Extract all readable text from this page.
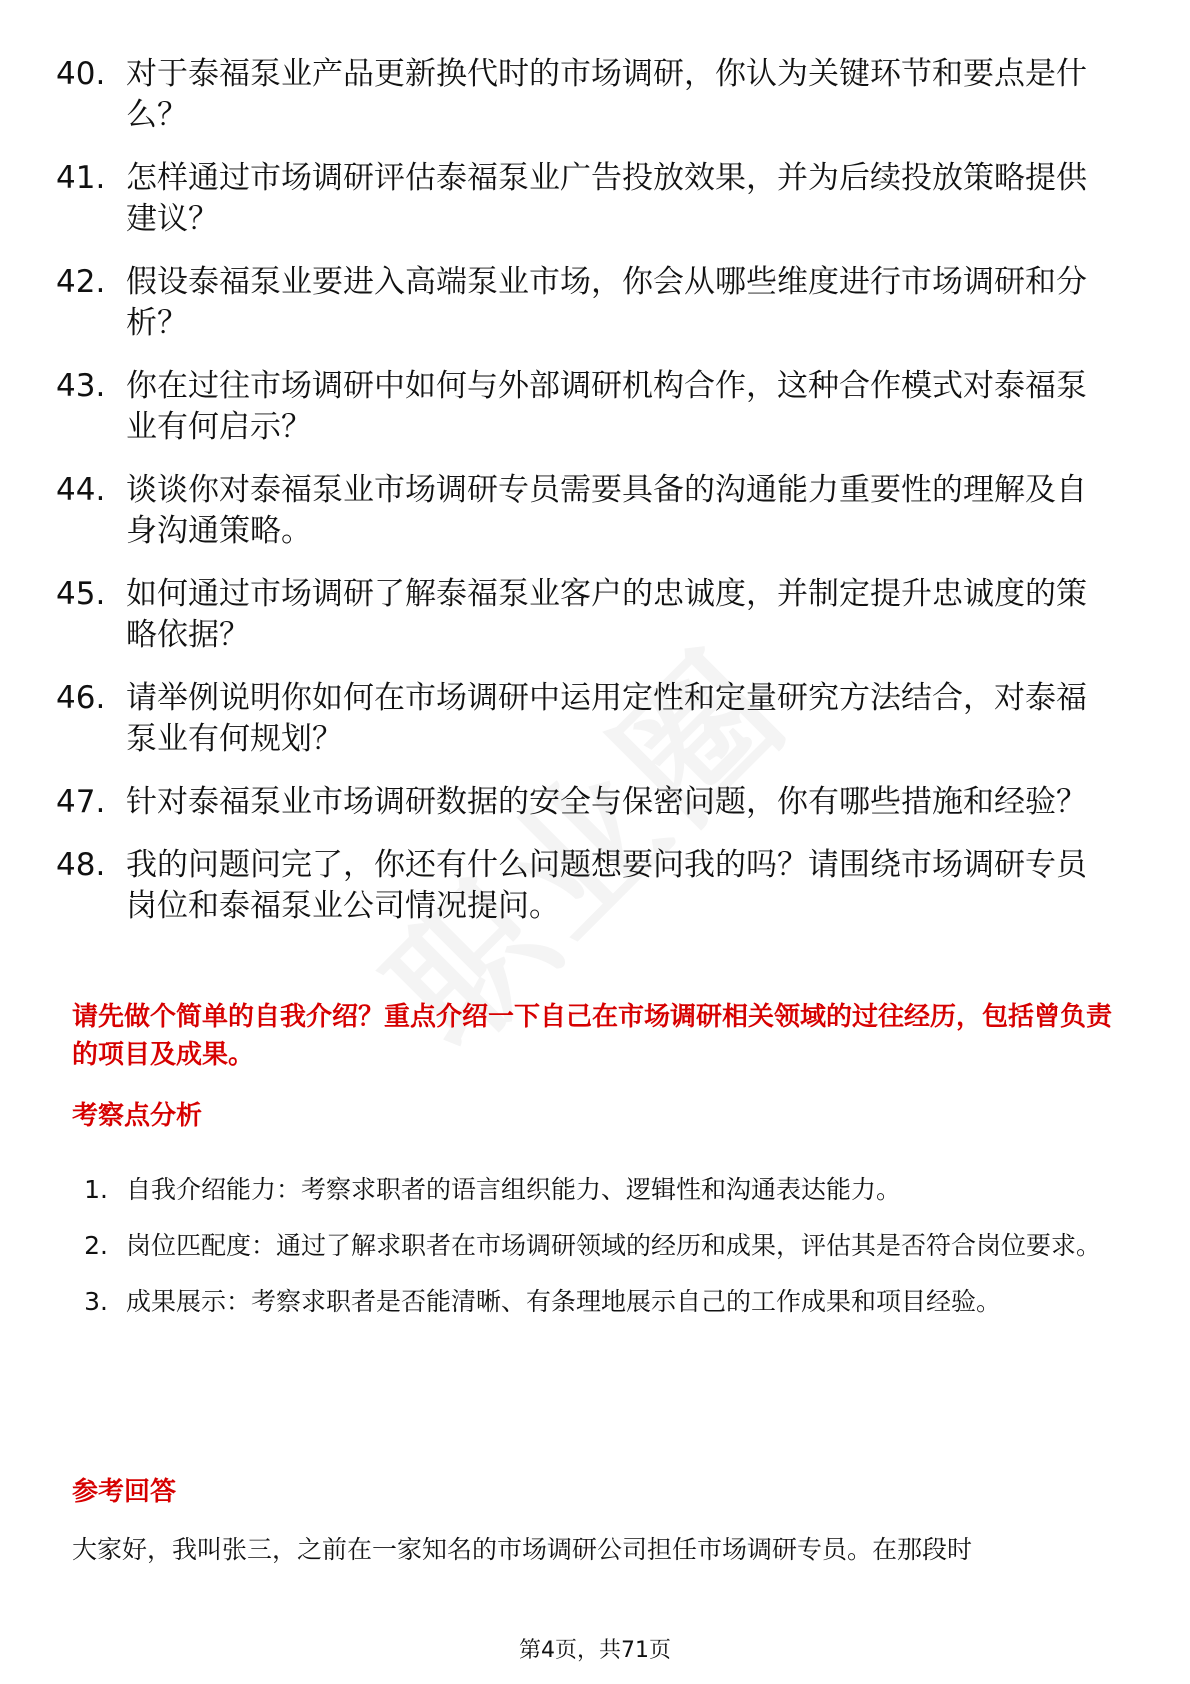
40. 对于泰福泵业产品更新换代时的市场调研，你认为关键环节和要点是什么？
41. 怎样通过市场调研评估泰福泵业广告投放效果，并为后续投放策略提供建议？
42. 假设泰福泵业要进入高端泵业市场，你会从哪些维度进行市场调研和分析？
43. 你在过往市场调研中如何与外部调研机构合作，这种合作模式对泰福泵业有何启示？
44. 谈谈你对泰福泵业市场调研专员需要具备的沟通能力重要性的理解及自身沟通策略。
45. 如何通过市场调研了解泰福泵业客户的忠诚度，并制定提升忠诚度的策略依据？
46. 请举例说明你如何在市场调研中运用定性和定量研究方法结合，对泰福泵业有何规划？
47. 针对泰福泵业市场调研数据的安全与保密问题，你有哪些措施和经验？
48. 我的问题问完了，你还有什么问题想要问我的吗？请围绕市场调研专员岗位和泰福泵业公司情况提问。
请先做个简单的自我介绍？重点介绍一下自己在市场调研相关领域的过往经历，包括曾负责的项目及成果。
考察点分析
1. 自我介绍能力：考察求职者的语言组织能力、逻辑性和沟通表达能力。
2. 岗位匹配度：通过了解求职者在市场调研领域的经历和成果，评估其是否符合岗位要求。
3. 成果展示：考察求职者是否能清晰、有条理地展示自己的工作成果和项目经验。
参考回答
大家好，我叫张三，之前在一家知名的市场调研公司担任市场调研专员。在那段时
第4页，共71页
